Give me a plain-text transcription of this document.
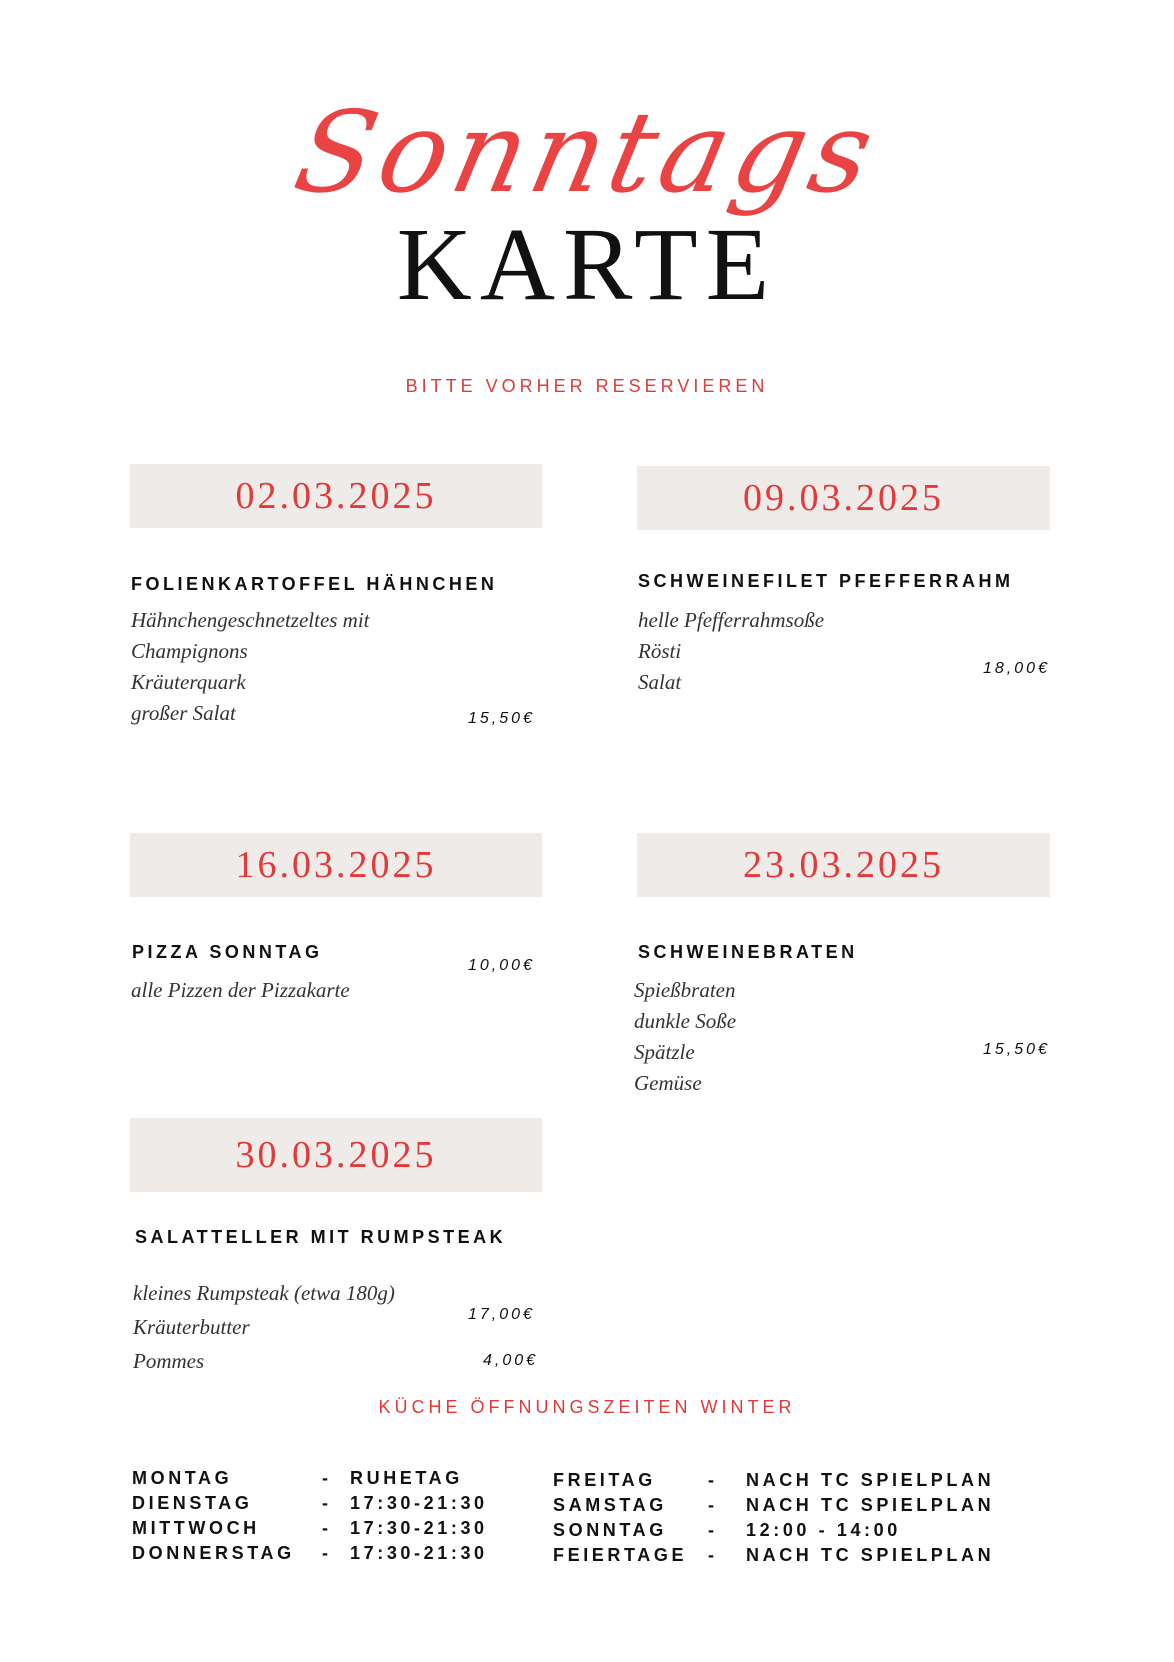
Sonntags
KARTE
BITTE VORHER RESERVIEREN
02.03.2025
FOLIENKARTOFFEL HÄHNCHEN
Hähnchengeschnetzeltes mit
Champignons
Kräuterquark
großer Salat	15,50€
09.03.2025
SCHWEINEFILET PFEFFERRAHM
helle Pfefferrahmsoße
Rösti
Salat
18,00€
16.03.2025
PIZZA SONNTAG
alle Pizzen der Pizzakarte
10,00€
23.03.2025
SCHWEINEBRATEN
Spießbraten
dunkle Soße
Spätzle
Gemüse
15,50€
30.03.2025
SALATTELLER MIT RUMPSTEAK
kleines Rumpsteak (etwa 180g)
Kräuterbutter
Pommes
17,00€
4,00€
KÜCHE ÖFFNUNGSZEITEN WINTER
MONTAG	- RUHETAG
DIENSTAG	- 17:30-21:30
MITTWOCH	- 17:30-21:30
DONNERSTAG - 17:30-21:30
FREITAG	- NACH TC SPIELPLAN
SAMSTAG - NACH TC SPIELPLAN
SONNTAG - 12:00 - 14:00
FEIERTAGE - NACH TC SPIELPLAN
